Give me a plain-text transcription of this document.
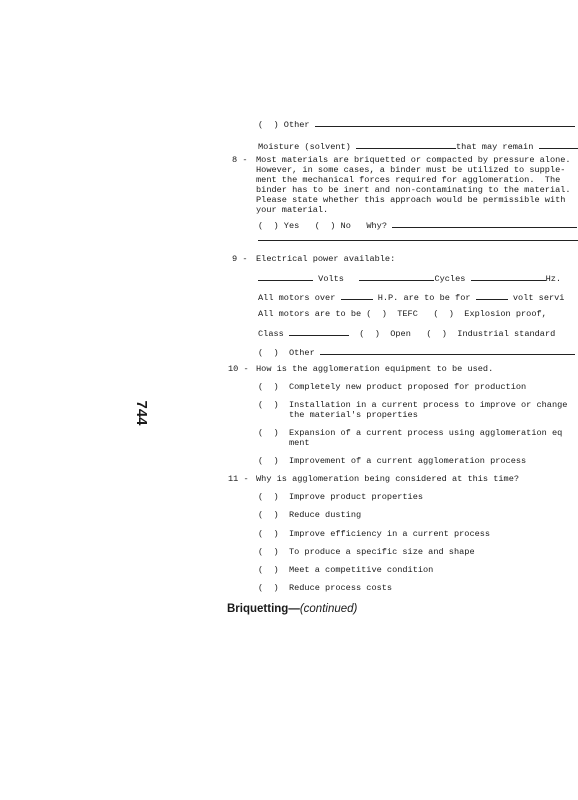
744
(  ) Other
Moisture (solvent)	that may remain
8 - Most materials are briquetted or compacted by pressure alone.
However, in some cases, a binder must be utilized to supple-
ment the mechanical forces required for agglomeration.  The
binder has to be inert and non-contaminating to the material.
Please state whether this approach would be permissible with
your material.
(  ) Yes (  ) No Why?
9 - Electrical power available:
Volts	Cycles	Hz.
All motors over	H.P. are to be for	volt servi
All motors are to be (  )  TEFC   (  )  Explosion proof,
Class	(  )  Open   (  )  Industrial standard
(  )  Other
10 - How is the agglomeration equipment to be used.
(  )  Completely new product proposed for production
(  )  Installation in a current process to improve or change
the material's properties
(  )  Expansion of a current process using agglomeration eq
ment
(  )  Improvement of a current agglomeration process
11 - Why is agglomeration being considered at this time?
(  )  Improve product properties
(  )  Reduce dusting
(  )  Improve efficiency in a current process
(  )  To produce a specific size and shape
(  )  Meet a competitive condition
(  )  Reduce process costs
Briquetting—(continued)
